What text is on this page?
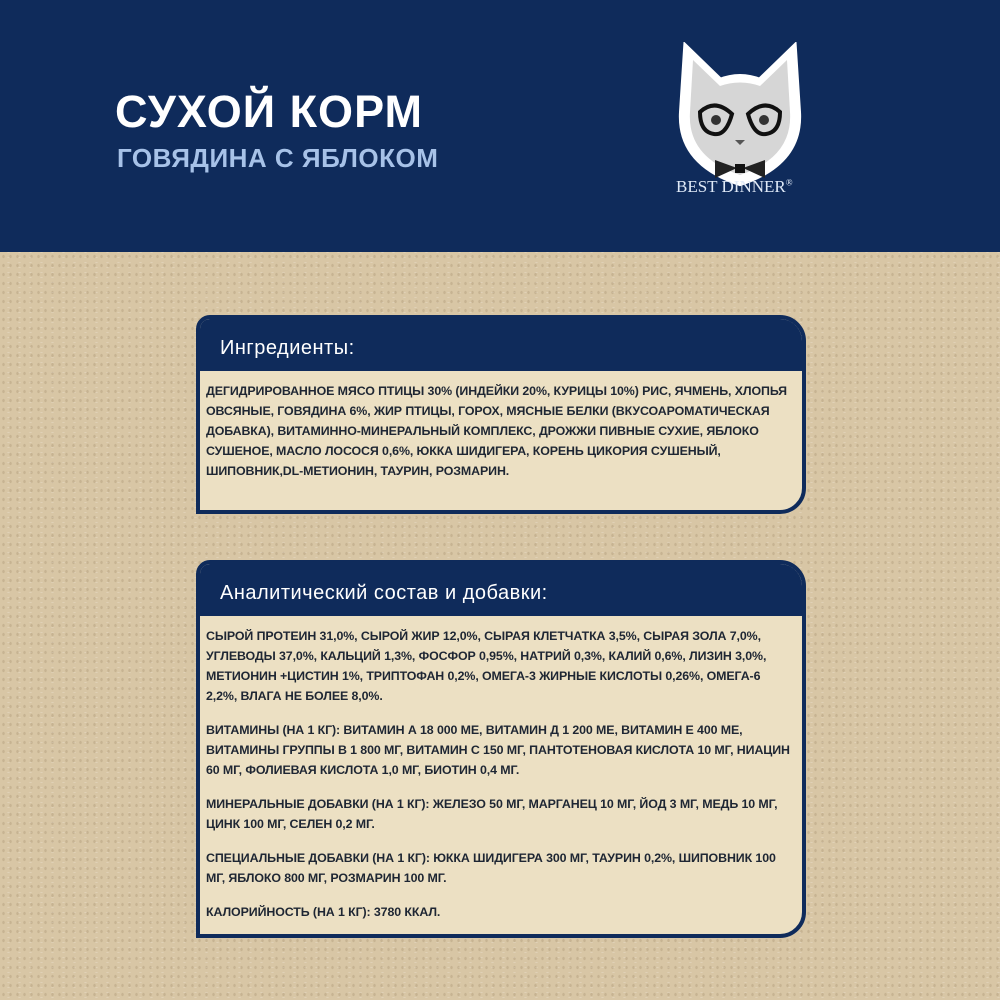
СУХОЙ КОРМ
ГОВЯДИНА С ЯБЛОКОМ
BEST DINNER®
Ингредиенты:
ДЕГИДРИРОВАННОЕ МЯСО ПТИЦЫ 30% (ИНДЕЙКИ 20%, КУРИЦЫ 10%) РИС, ЯЧМЕНЬ, ХЛОПЬЯ ОВСЯНЫЕ, ГОВЯДИНА 6%, ЖИР ПТИЦЫ, ГОРОХ, МЯСНЫЕ БЕЛКИ (ВКУСОАРОМАТИЧЕСКАЯ ДОБАВКА), ВИТАМИННО-МИНЕРАЛЬНЫЙ КОМПЛЕКС, ДРОЖЖИ ПИВНЫЕ СУХИЕ, ЯБЛОКО СУШЕНОЕ, МАСЛО ЛОСОСЯ 0,6%, ЮККА ШИДИГЕРА, КОРЕНЬ ЦИКОРИЯ СУШЕНЫЙ, ШИПОВНИК,DL-МЕТИОНИН, ТАУРИН, РОЗМАРИН.
Аналитический состав и добавки:
СЫРОЙ ПРОТЕИН 31,0%, СЫРОЙ ЖИР 12,0%, СЫРАЯ КЛЕТЧАТКА 3,5%, СЫРАЯ ЗОЛА 7,0%, УГЛЕВОДЫ 37,0%, КАЛЬЦИЙ 1,3%, ФОСФОР 0,95%, НАТРИЙ 0,3%, КАЛИЙ 0,6%, ЛИЗИН 3,0%, МЕТИОНИН +ЦИСТИН 1%, ТРИПТОФАН 0,2%, ОМЕГА-3 ЖИРНЫЕ КИСЛОТЫ 0,26%, ОМЕГА-6 2,2%, ВЛАГА НЕ БОЛЕЕ 8,0%.
ВИТАМИНЫ (НА 1 КГ): ВИТАМИН А 18 000 МЕ, ВИТАМИН Д 1 200 МЕ, ВИТАМИН Е 400 МЕ, ВИТАМИНЫ ГРУППЫ В 1 800 МГ, ВИТАМИН С 150 МГ, ПАНТОТЕНОВАЯ КИСЛОТА 10 МГ, НИАЦИН 60 МГ, ФОЛИЕВАЯ КИСЛОТА 1,0 МГ, БИОТИН 0,4 МГ.
МИНЕРАЛЬНЫЕ ДОБАВКИ (НА 1 КГ): ЖЕЛЕЗО 50 МГ, МАРГАНЕЦ 10 МГ, ЙОД 3 МГ, МЕДЬ 10 МГ, ЦИНК 100 МГ, СЕЛЕН 0,2 МГ.
СПЕЦИАЛЬНЫЕ ДОБАВКИ (НА 1 КГ): ЮККА ШИДИГЕРА 300 МГ, ТАУРИН 0,2%, ШИПОВНИК 100 МГ, ЯБЛОКО 800 МГ, РОЗМАРИН 100 МГ.
КАЛОРИЙНОСТЬ (НА 1 КГ): 3780 ККАЛ.
